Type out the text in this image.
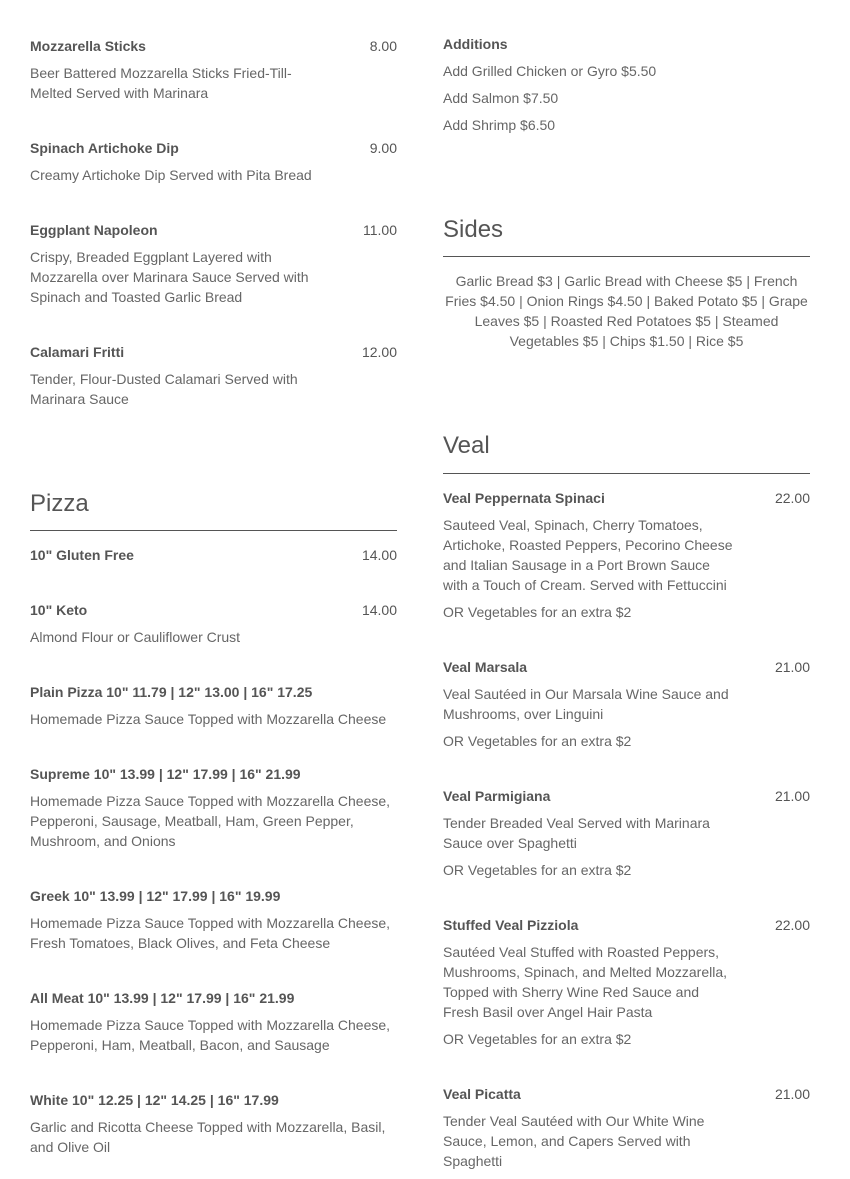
Mozzarella Sticks	8.00
Beer Battered Mozzarella Sticks Fried-Till-Melted Served with Marinara
Spinach Artichoke Dip	9.00
Creamy Artichoke Dip Served with Pita Bread
Eggplant Napoleon	11.00
Crispy, Breaded Eggplant Layered with Mozzarella over Marinara Sauce Served with Spinach and Toasted Garlic Bread
Calamari Fritti	12.00
Tender, Flour-Dusted Calamari Served with Marinara Sauce
Pizza
10" Gluten Free	14.00
10" Keto	14.00
Almond Flour or Cauliflower Crust
Plain Pizza 10" 11.79 | 12" 13.00 | 16" 17.25
Homemade Pizza Sauce Topped with Mozzarella Cheese
Supreme 10" 13.99 | 12" 17.99 | 16" 21.99
Homemade Pizza Sauce Topped with Mozzarella Cheese, Pepperoni, Sausage, Meatball, Ham, Green Pepper, Mushroom, and Onions
Greek 10" 13.99 | 12" 17.99 | 16" 19.99
Homemade Pizza Sauce Topped with Mozzarella Cheese, Fresh Tomatoes, Black Olives, and Feta Cheese
All Meat 10" 13.99 | 12" 17.99 | 16" 21.99
Homemade Pizza Sauce Topped with Mozzarella Cheese, Pepperoni, Ham, Meatball, Bacon, and Sausage
White 10" 12.25 | 12" 14.25 | 16" 17.99
Garlic and Ricotta Cheese Topped with Mozzarella, Basil, and Olive Oil
Additions
Add Grilled Chicken or Gyro $5.50
Add Salmon $7.50
Add Shrimp $6.50
Sides
Garlic Bread $3 | Garlic Bread with Cheese $5 | French Fries $4.50 | Onion Rings $4.50 | Baked Potato $5 | Grape Leaves $5 | Roasted Red Potatoes $5 | Steamed Vegetables $5 | Chips $1.50 | Rice $5
Veal
Veal Peppernata Spinaci	22.00
Sauteed Veal, Spinach, Cherry Tomatoes, Artichoke, Roasted Peppers, Pecorino Cheese and Italian Sausage in a Port Brown Sauce with a Touch of Cream. Served with Fettuccini
OR Vegetables for an extra $2
Veal Marsala	21.00
Veal Sautéed in Our Marsala Wine Sauce and Mushrooms, over Linguini
OR Vegetables for an extra $2
Veal Parmigiana	21.00
Tender Breaded Veal Served with Marinara Sauce over Spaghetti
OR Vegetables for an extra $2
Stuffed Veal Pizziola	22.00
Sautéed Veal Stuffed with Roasted Peppers, Mushrooms, Spinach, and Melted Mozzarella, Topped with Sherry Wine Red Sauce and Fresh Basil over Angel Hair Pasta
OR Vegetables for an extra $2
Veal Picatta	21.00
Tender Veal Sautéed with Our White Wine Sauce, Lemon, and Capers Served with Spaghetti
